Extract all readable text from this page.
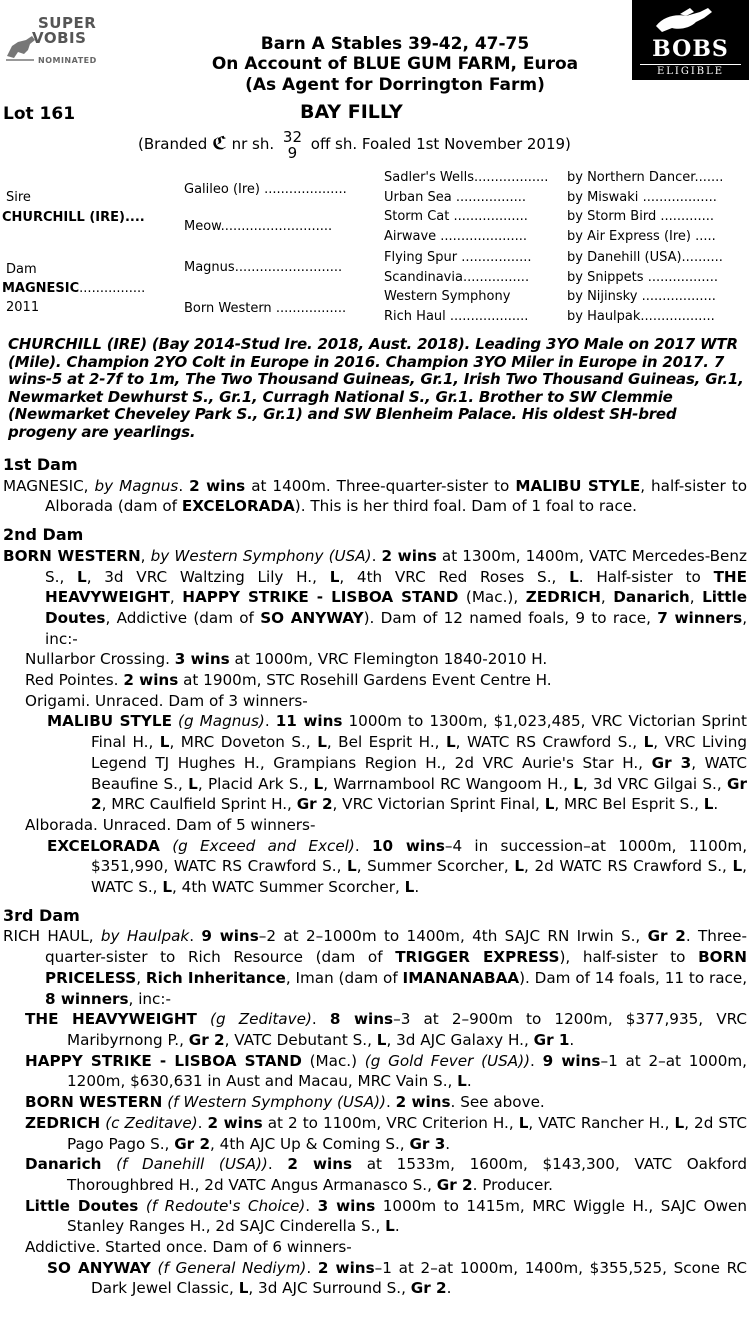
SUPER
VOBIS
NOMINATED	BOBS
ELIGIBLE
Barn A Stables 39-42, 47-75
On Account of BLUE GUM FARM, Euroa
(As Agent for Dorrington Farm)
Lot 161	BAY FILLY
(Branded ℭ nr sh. 32
9 off sh. Foaled 1st November 2019)
Sire
CHURCHILL (IRE)....
Dam
MAGNESIC................
2011
Galileo (Ire) ....................
Meow...........................
Magnus..........................
Born Western .................
Sadler's Wells.................. by Northern Dancer.......
Urban Sea .................	by Miswaki ..................
Storm Cat ..................	by Storm Bird .............
Airwave .....................	by Air Express (Ire) .....
Flying Spur .................	by Danehill (USA)..........
Scandinavia................	by Snippets .................
Western Symphony	by Nijinsky ..................
Rich Haul ...................	by Haulpak..................
CHURCHILL (IRE) (Bay 2014-Stud Ire. 2018, Aust. 2018). Leading 3YO Male on 2017 WTR (Mile). Champion 2YO Colt in Europe in 2016. Champion 3YO Miler in Europe in 2017. 7 wins-5 at 2-7f to 1m, The Two Thousand Guineas, Gr.1, Irish Two Thousand Guineas, Gr.1, Newmarket Dewhurst S., Gr.1, Curragh National S., Gr.1. Brother to SW Clemmie (Newmarket Cheveley Park S., Gr.1) and SW Blenheim Palace. His oldest SH-bred progeny are yearlings.

1st Dam

MAGNESIC, by Magnus. 2 wins at 1400m. Three-quarter-sister to MALIBU STYLE, half-sister to Alborada (dam of EXCELORADA). This is her third foal. Dam of 1 foal to race.

2nd Dam

BORN WESTERN, by Western Symphony (USA). 2 wins at 1300m, 1400m, VATC Mercedes-Benz S., L, 3d VRC Waltzing Lily H., L, 4th VRC Red Roses S., L. Half-sister to THE HEAVYWEIGHT, HAPPY STRIKE - LISBOA STAND (Mac.), ZEDRICH, Danarich, Little Doutes, Addictive (dam of SO ANYWAY). Dam of 12 named foals, 9 to race, 7 winners, inc:-

Nullarbor Crossing. 3 wins at 1000m, VRC Flemington 1840-2010 H.

Red Pointes. 2 wins at 1900m, STC Rosehill Gardens Event Centre H.

Origami. Unraced. Dam of 3 winners-

MALIBU STYLE (g Magnus). 11 wins 1000m to 1300m, $1,023,485, VRC Victorian Sprint Final H., L, MRC Doveton S., L, Bel Esprit H., L, WATC RS Crawford S., L, VRC Living Legend TJ Hughes H., Grampians Region H., 2d VRC Aurie's Star H., Gr 3, WATC Beaufine S., L, Placid Ark S., L, Warrnambool RC Wangoom H., L, 3d VRC Gilgai S., Gr 2, MRC Caulfield Sprint H., Gr 2, VRC Victorian Sprint Final, L, MRC Bel Esprit S., L.

Alborada. Unraced. Dam of 5 winners-

EXCELORADA (g Exceed and Excel). 10 wins–4 in succession–at 1000m, 1100m, $351,990, WATC RS Crawford S., L, Summer Scorcher, L, 2d WATC RS Crawford S., L, WATC S., L, 4th WATC Summer Scorcher, L.

3rd Dam

RICH HAUL, by Haulpak. 9 wins–2 at 2–1000m to 1400m, 4th SAJC RN Irwin S., Gr 2. Three-quarter-sister to Rich Resource (dam of TRIGGER EXPRESS), half-sister to BORN PRICELESS, Rich Inheritance, Iman (dam of IMANANABAA). Dam of 14 foals, 11 to race, 8 winners, inc:-

THE HEAVYWEIGHT (g Zeditave). 8 wins–3 at 2–900m to 1200m, $377,935, VRC Maribyrnong P., Gr 2, VATC Debutant S., L, 3d AJC Galaxy H., Gr 1.

HAPPY STRIKE - LISBOA STAND (Mac.) (g Gold Fever (USA)). 9 wins–1 at 2–at 1000m, 1200m, $630,631 in Aust and Macau, MRC Vain S., L.

BORN WESTERN (f Western Symphony (USA)). 2 wins. See above.

ZEDRICH (c Zeditave). 2 wins at 2 to 1100m, VRC Criterion H., L, VATC Rancher H., L, 2d STC Pago Pago S., Gr 2, 4th AJC Up & Coming S., Gr 3.

Danarich (f Danehill (USA)). 2 wins at 1533m, 1600m, $143,300, VATC Oakford Thoroughbred H., 2d VATC Angus Armanasco S., Gr 2. Producer.

Little Doutes (f Redoute's Choice). 3 wins 1000m to 1415m, MRC Wiggle H., SAJC Owen Stanley Ranges H., 2d SAJC Cinderella S., L.

Addictive. Started once. Dam of 6 winners-

SO ANYWAY (f General Nediym). 2 wins–1 at 2–at 1000m, 1400m, $355,525, Scone RC Dark Jewel Classic, L, 3d AJC Surround S., Gr 2.
